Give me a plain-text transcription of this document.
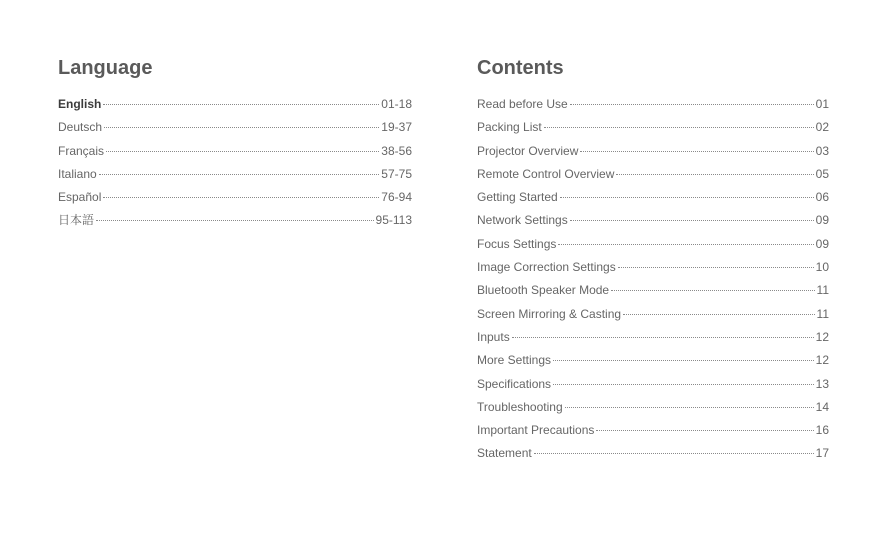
Language
English	01-18
Deutsch	19-37
Français	38-56
Italiano	57-75
Español	76-94
日本語	95-113
Contents
Read before Use	01
Packing List	02
Projector Overview	03
Remote Control Overview	05
Getting Started	06
Network Settings	09
Focus Settings	09
Image Correction Settings	10
Bluetooth Speaker Mode	11
Screen Mirroring & Casting	11
Inputs	12
More Settings	12
Specifications	13
Troubleshooting	14
Important Precautions	16
Statement	17
